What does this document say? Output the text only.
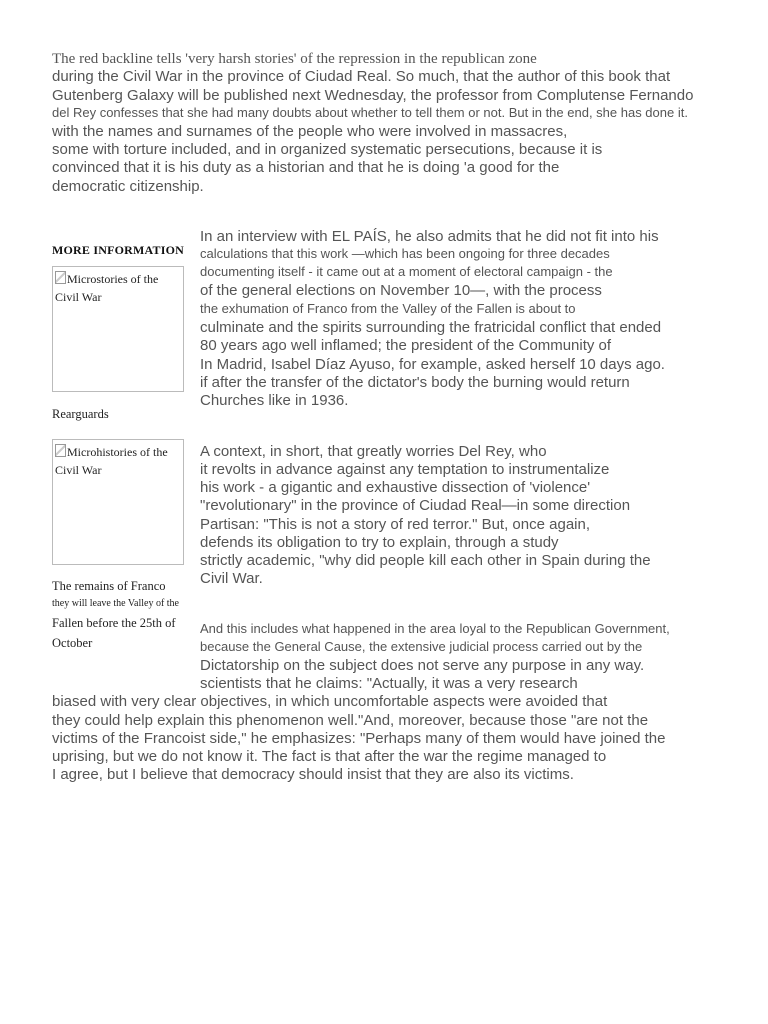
The red backline tells 'very harsh stories' of the repression in the republican zone
during the Civil War in the province of Ciudad Real. So much, that the author of this book that
Gutenberg Galaxy will be published next Wednesday, the professor from Complutense Fernando
del Rey confesses that she had many doubts about whether to tell them or not. But in the end, she has done it.
with the names and surnames of the people who were involved in massacres,
some with torture included, and in organized systematic persecutions, because it is
convinced that it is his duty as a historian and that he is doing 'a good for the
democratic citizenship.
MORE INFORMATION
Microstories of the Civil War
Rearguards
Microhistories of the Civil War
The remains of Franco
they will leave the Valley of the
Fallen before the 25th of
October
In an interview with EL PAÍS, he also admits that he did not fit into his
calculations that this work —which has been ongoing for three decades
documenting itself - it came out at a moment of electoral campaign - the
of the general elections on November 10—, with the process
the exhumation of Franco from the Valley of the Fallen is about to
culminate and the spirits surrounding the fratricidal conflict that ended
80 years ago well inflamed; the president of the Community of
In Madrid, Isabel Díaz Ayuso, for example, asked herself 10 days ago.
if after the transfer of the dictator's body the burning would return
Churches like in 1936.
A context, in short, that greatly worries Del Rey, who
it revolts in advance against any temptation to instrumentalize
his work - a gigantic and exhaustive dissection of 'violence'
"revolutionary" in the province of Ciudad Real—in some direction
Partisan: "This is not a story of red terror." But, once again,
defends its obligation to try to explain, through a study
strictly academic, "why did people kill each other in Spain during the
Civil War.
And this includes what happened in the area loyal to the Republican Government,
because the General Cause, the extensive judicial process carried out by the
Dictatorship on the subject does not serve any purpose in any way.
scientists that he claims: "Actually, it was a very research
biased with very clear objectives, in which uncomfortable aspects were avoided that
they could help explain this phenomenon well."And, moreover, because those "are not the
victims of the Francoist side," he emphasizes: "Perhaps many of them would have joined the
uprising, but we do not know it. The fact is that after the war the regime managed to
I agree, but I believe that democracy should insist that they are also its victims.
